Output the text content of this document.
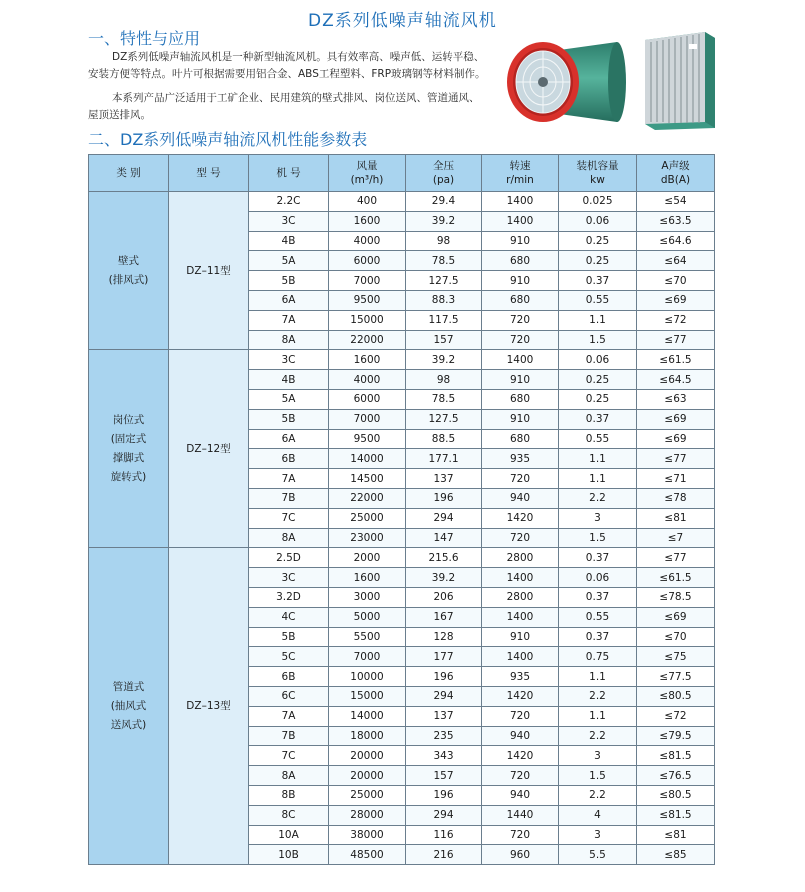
DZ系列低噪声轴流风机
一、特性与应用
DZ系列低噪声轴流风机是一种新型轴流风机。具有效率高、噪声低、运转平稳、
安装方便等特点。叶片可根据需要用铝合金、ABS工程塑料、FRP玻璃钢等材料制作。
本系列产品广泛适用于工矿企业、民用建筑的壁式排风、岗位送风、管道通风、
屋顶送排风。
二、DZ系列低噪声轴流风机性能参数表
类 别	型 号	机 号	风量
(m³/h)	全压
(pa)	转速
r/min	装机容量
kw	A声级
dB(A)

壁式
(排风式)	DZ–11型	2.2C	400	29.4	1400	0.025	≤54
		3C	1600	39.2	1400	0.06	≤63.5
		4B	4000	98	910	0.25	≤64.6
		5A	6000	78.5	680	0.25	≤64
		5B	7000	127.5	910	0.37	≤70
		6A	9500	88.3	680	0.55	≤69
		7A	15000	117.5	720	1.1	≤72
		8A	22000	157	720	1.5	≤77

岗位式
(固定式
撑脚式
旋转式)	DZ–12型	3C	1600	39.2	1400	0.06	≤61.5
		4B	4000	98	910	0.25	≤64.5
		5A	6000	78.5	680	0.25	≤63
		5B	7000	127.5	910	0.37	≤69
		6A	9500	88.5	680	0.55	≤69
		6B	14000	177.1	935	1.1	≤77
		7A	14500	137	720	1.1	≤71
		7B	22000	196	940	2.2	≤78
		7C	25000	294	1420	3	≤81
		8A	23000	147	720	1.5	≤7

管道式
(抽风式
送风式)	DZ–13型	2.5D	2000	215.6	2800	0.37	≤77
		3C	1600	39.2	1400	0.06	≤61.5
		3.2D	3000	206	2800	0.37	≤78.5
		4C	5000	167	1400	0.55	≤69
		5B	5500	128	910	0.37	≤70
		5C	7000	177	1400	0.75	≤75
		6B	10000	196	935	1.1	≤77.5
		6C	15000	294	1420	2.2	≤80.5
		7A	14000	137	720	1.1	≤72
		7B	18000	235	940	2.2	≤79.5
		7C	20000	343	1420	3	≤81.5
		8A	20000	157	720	1.5	≤76.5
		8B	25000	196	940	2.2	≤80.5
		8C	28000	294	1440	4	≤81.5
		10A	38000	116	720	3	≤81
		10B	48500	216	960	5.5	≤85
